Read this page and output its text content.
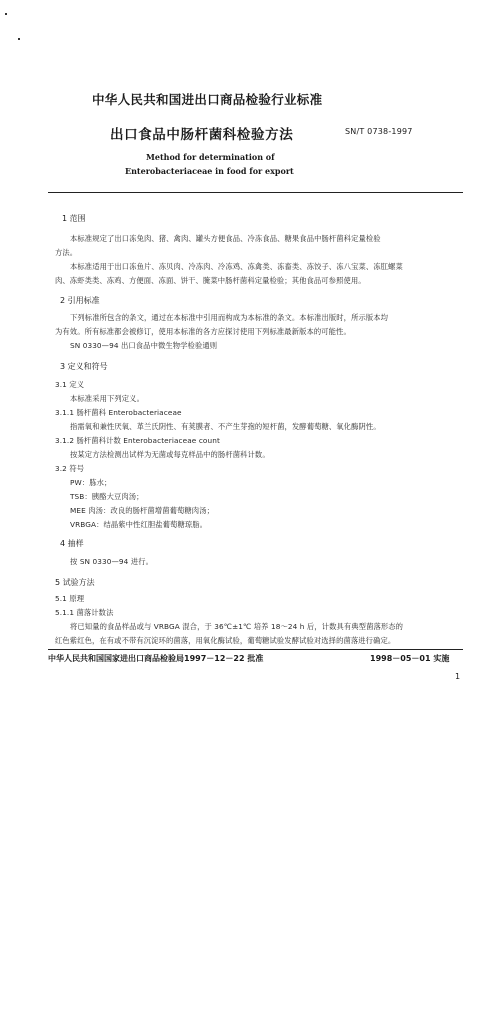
中华人民共和国进出口商品检验行业标准
出口食品中肠杆菌科检验方法	SN/T 0738-1997
Method for determination of
Enterobacteriaceae in food for export
1 范围
本标准规定了出口冻兔肉、猪、禽肉、罐头方便食品、冷冻食品、糖果食品中肠杆菌科定量检验
方法。
本标准适用于出口冻鱼片、冻贝肉、冷冻肉、冷冻鸡、冻禽类、冻畜类、冻饺子、冻八宝菜、冻肛螺菜
肉、冻虾类类、冻鸡、方便面、冻面、饼干、腌菜中肠杆菌科定量检验；其他食品可参照使用。
2 引用标准
下列标准所包含的条文，通过在本标准中引用而构成为本标准的条文。本标准出版时，所示版本均
为有效。所有标准都会被修订，使用本标准的各方应探讨使用下列标准最新版本的可能性。
SN 0330—94 出口食品中微生物学检验通则
3 定义和符号
3.1 定义
本标准采用下列定义。
3.1.1 肠杆菌科 Enterobacteriaceae
指需氧和兼性厌氧、革兰氏阴性、有荚膜者、不产生芽孢的短杆菌，发酵葡萄糖、氧化酶阴性。
3.1.2 肠杆菌科计数 Enterobacteriaceae count
按某定方法检测出试样为无菌或每克样品中的肠杆菌科计数。
3.2 符号
PW：胨水；
TSB：胰酪大豆肉汤；
MEE 肉汤：改良的肠杆菌增菌葡萄糖肉汤；
VRBGA：结晶紫中性红胆盐葡萄糖琼脂。
4 抽样
按 SN 0330—94 进行。
5 试验方法
5.1 原理
5.1.1 菌落计数法
将已知量的食品样品或与 VRBGA 混合，于 36℃±1℃ 培养 18～24 h 后，计数具有典型菌落形态的
红色紫红色，在有或不带有沉淀环的菌落，用氧化酶试验，葡萄糖试验发酵试验对选择的菌落进行确定。
中华人民共和国国家进出口商品检验局1997－12－22 批准	1998－05－01 实施
1
